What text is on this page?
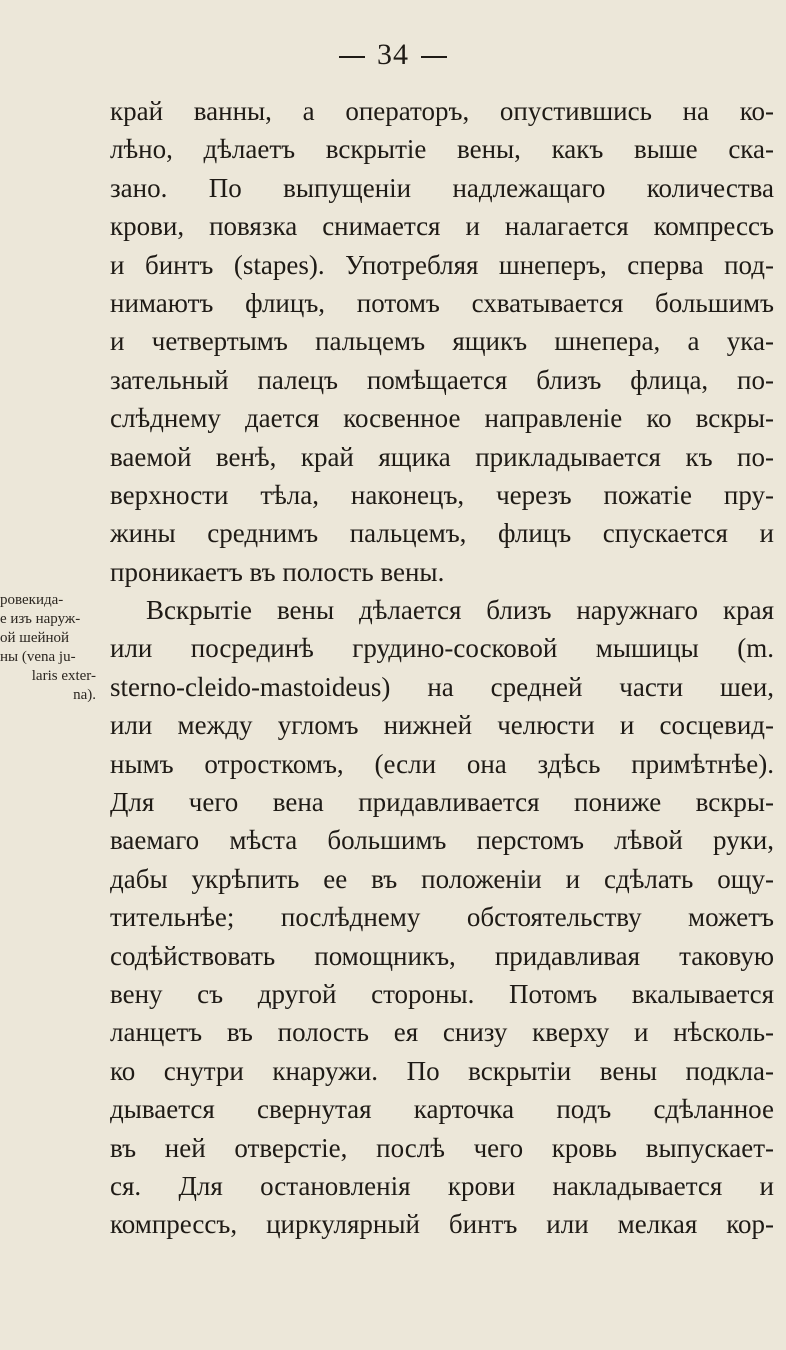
34
ровекида-
е изъ наруж-
ой шейной
ны (vena ju-
laris exter-
na).
край ванны, а операторъ, опустившись на ко-
лѣно, дѣлаетъ вскрытіе вены, какъ выше ска-
зано. По выпущеніи надлежащаго количества
крови, повязка снимается и налагается компрессъ
и бинтъ (stapes). Употребляя шнеперъ, сперва под-
нимаютъ флицъ, потомъ схватывается большимъ
и четвертымъ пальцемъ ящикъ шнепера, а ука-
зательный палецъ помѣщается близъ флица, по-
слѣднему дается косвенное направленіе ко вскры-
ваемой венѣ, край ящика прикладывается къ по-
верхности тѣла, наконецъ, черезъ пожатіе пру-
жины среднимъ пальцемъ, флицъ спускается и
проникаетъ въ полость вены.
Вскрытіе вены дѣлается близъ наружнаго края
или посрединѣ грудино-сосковой мышицы (m.
sterno-cleido-mastoideus) на средней части шеи,
или между угломъ нижней челюсти и сосцевид-
нымъ отросткомъ, (если она здѣсь примѣтнѣе).
Для чего вена придавливается пониже вскры-
ваемаго мѣста большимъ перстомъ лѣвой руки,
дабы укрѣпить ее въ положеніи и сдѣлать ощу-
тительнѣе; послѣднему обстоятельству можетъ
содѣйствовать помощникъ, придавливая таковую
вену съ другой стороны. Потомъ вкалывается
ланцетъ въ полость ея снизу кверху и нѣсколь-
ко снутри кнаружи. По вскрытіи вены подкла-
дывается свернутая карточка подъ сдѣланное
въ ней отверстіе, послѣ чего кровь выпускает-
ся. Для остановленія крови накладывается и
компрессъ, циркулярный бинтъ или мелкая кор-
